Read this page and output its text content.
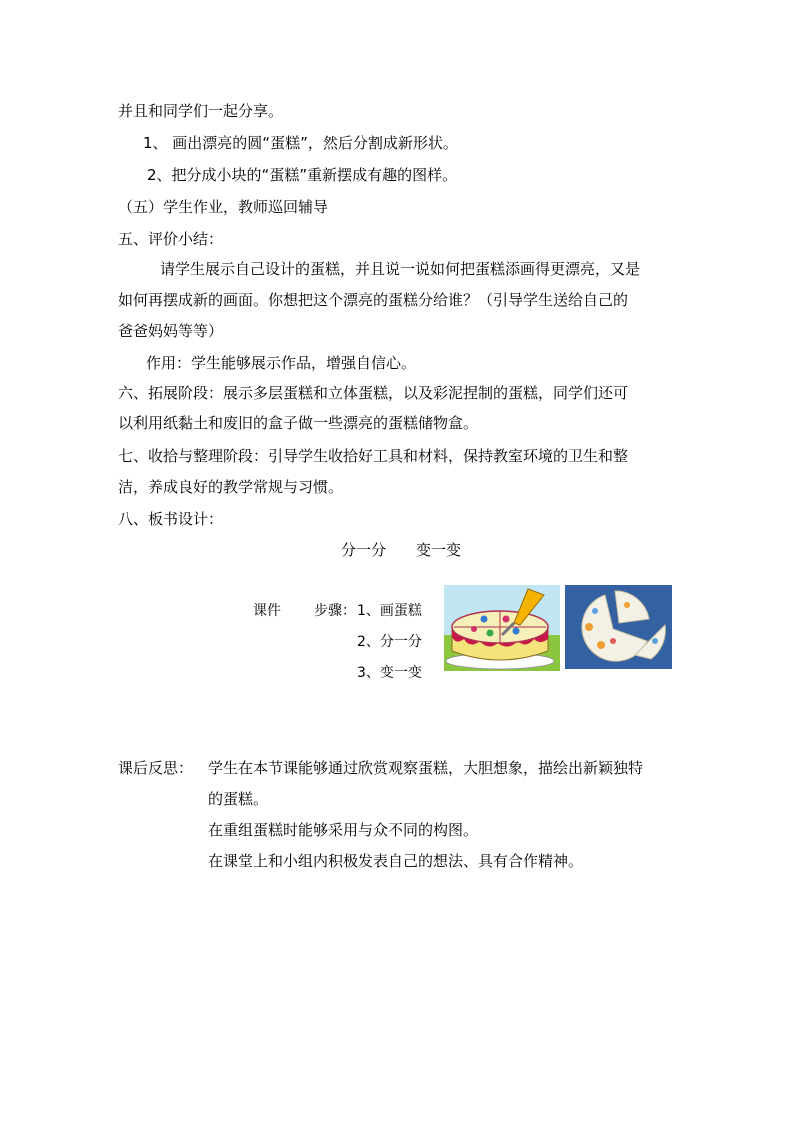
并且和同学们一起分享。
1、 画出漂亮的圆“蛋糕”，然后分割成新形状。
2、把分成小块的“蛋糕”重新摆成有趣的图样。
（五）学生作业，教师巡回辅导
五、评价小结：
请学生展示自己设计的蛋糕，并且说一说如何把蛋糕添画得更漂亮，又是
如何再摆成新的画面。你想把这个漂亮的蛋糕分给谁？（引导学生送给自己的
爸爸妈妈等等）
作用：学生能够展示作品，增强自信心。
六、拓展阶段：展示多层蛋糕和立体蛋糕，以及彩泥捏制的蛋糕，同学们还可
以利用纸黏土和废旧的盒子做一些漂亮的蛋糕储物盒。
七、收拾与整理阶段：引导学生收拾好工具和材料，保持教室环境的卫生和整
洁，养成良好的教学常规与习惯。
八、板书设计：
分一分　　变一变
课件 步骤： 1、画蛋糕
2、分一分
3、变一变
课后反思： 学生在本节课能够通过欣赏观察蛋糕，大胆想象，描绘出新颖独特
的蛋糕。
在重组蛋糕时能够采用与众不同的构图。
在课堂上和小组内积极发表自己的想法、具有合作精神。
